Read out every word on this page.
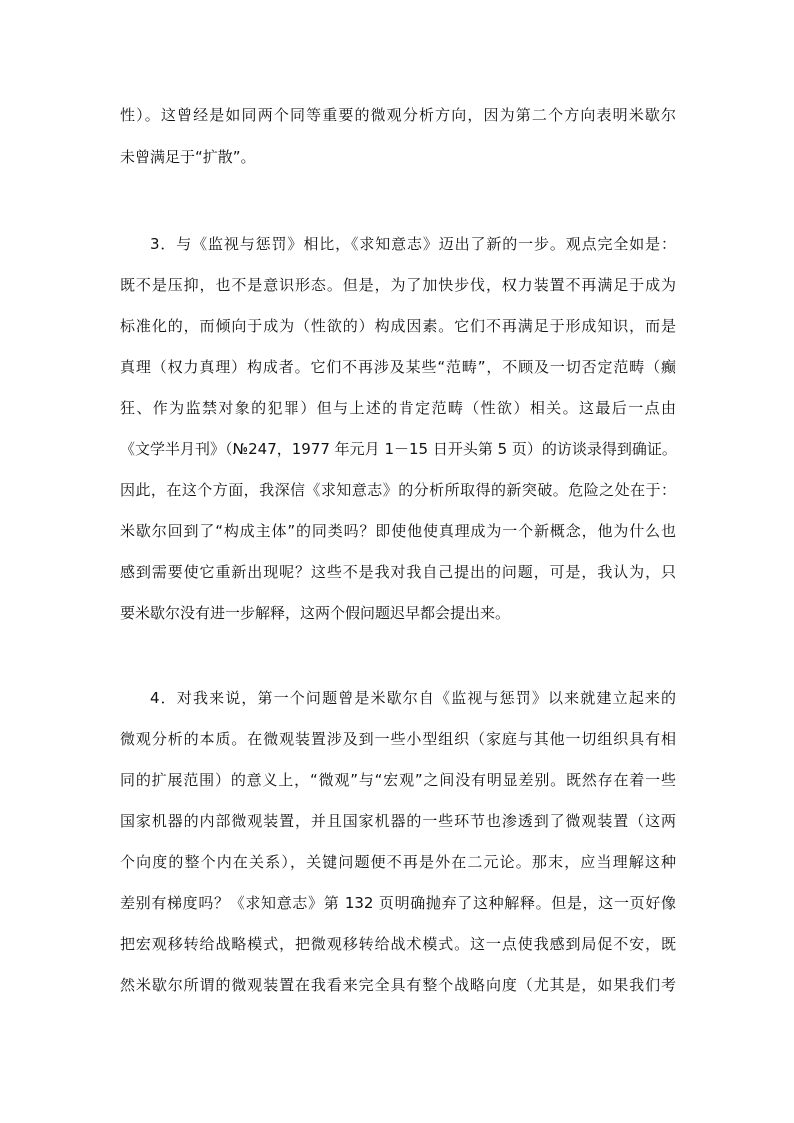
性）。这曾经是如同两个同等重要的微观分析方向，因为第二个方向表明米歇尔
未曾满足于“扩散”。
3．与《监视与惩罚》相比，《求知意志》迈出了新的一步。观点完全如是：
既不是压抑，也不是意识形态。但是，为了加快步伐，权力装置不再满足于成为
标准化的，而倾向于成为（性欲的）构成因素。它们不再满足于形成知识，而是
真理（权力真理）构成者。它们不再涉及某些“范畴”，不顾及一切否定范畴（癫
狂、作为监禁对象的犯罪）但与上述的肯定范畴（性欲）相关。这最后一点由
《文学半月刊》（№247，1977 年元月 1－15 日开头第 5 页）的访谈录得到确证。
因此，在这个方面，我深信《求知意志》的分析所取得的新突破。危险之处在于：
米歇尔回到了“构成主体”的同类吗？即使他使真理成为一个新概念，他为什么也
感到需要使它重新出现呢？这些不是我对我自己提出的问题，可是，我认为，只
要米歇尔没有进一步解释，这两个假问题迟早都会提出来。
4．对我来说，第一个问题曾是米歇尔自《监视与惩罚》以来就建立起来的
微观分析的本质。在微观装置涉及到一些小型组织（家庭与其他一切组织具有相
同的扩展范围）的意义上，“微观”与“宏观”之间没有明显差别。既然存在着一些
国家机器的内部微观装置，并且国家机器的一些环节也渗透到了微观装置（这两
个向度的整个内在关系），关键问题便不再是外在二元论。那末，应当理解这种
差别有梯度吗？《求知意志》第 132 页明确抛弃了这种解释。但是，这一页好像
把宏观移转给战略模式，把微观移转给战术模式。这一点使我感到局促不安，既
然米歇尔所谓的微观装置在我看来完全具有整个战略向度（尤其是，如果我们考
